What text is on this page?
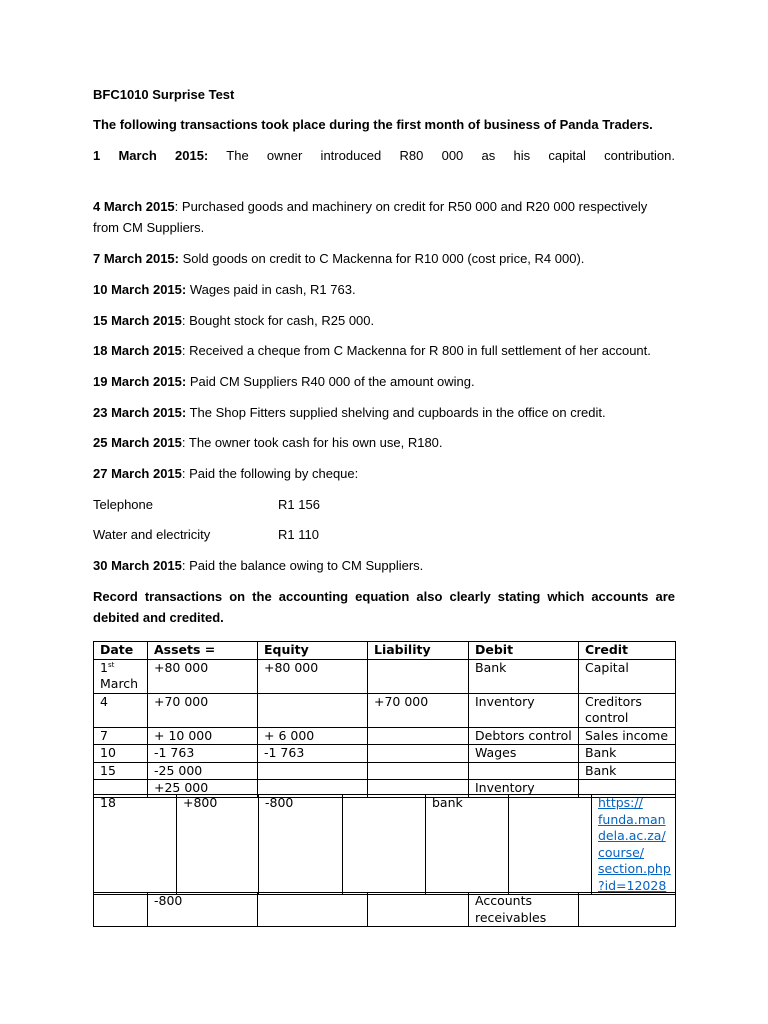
BFC1010 Surprise Test

The following transactions took place during the first month of business of Panda Traders.

1 March 2015: The owner introduced R80 000 as his capital contribution.

4 March 2015: Purchased goods and machinery on credit for R50 000 and R20 000 respectively from CM Suppliers.

7 March 2015: Sold goods on credit to C Mackenna for R10 000 (cost price, R4 000).

10 March 2015: Wages paid in cash, R1 763.

15 March 2015: Bought stock for cash, R25 000.

18 March 2015: Received a cheque from C Mackenna for R 800 in full settlement of her account.

19 March 2015: Paid CM Suppliers R40 000 of the amount owing.

23 March 2015: The Shop Fitters supplied shelving and cupboards in the office on credit.

25 March 2015: The owner took cash for his own use, R180.

27 March 2015: Paid the following by cheque:

Telephone	R1 156

Water and electricity	R1 110

30 March 2015: Paid the balance owing to CM Suppliers.

Record transactions on the accounting equation also clearly stating which accounts are debited and credited.

Date	Assets =	Equity	Liability	Debit	Credit
1st
March	+80 000	+80 000		Bank	Capital
4	+70 000		+70 000	Inventory	Creditors control
7	+ 10 000	+ 6 000		Debtors control	Sales income
10	-1 763	-1 763		Wages	Bank
15	-25 000				Bank
	+25 000			Inventory	
18	+800	-800		bank		https://
funda.man
dela.ac.za/
course/
section.php
?id=12028
	-800			Accounts receivables	
